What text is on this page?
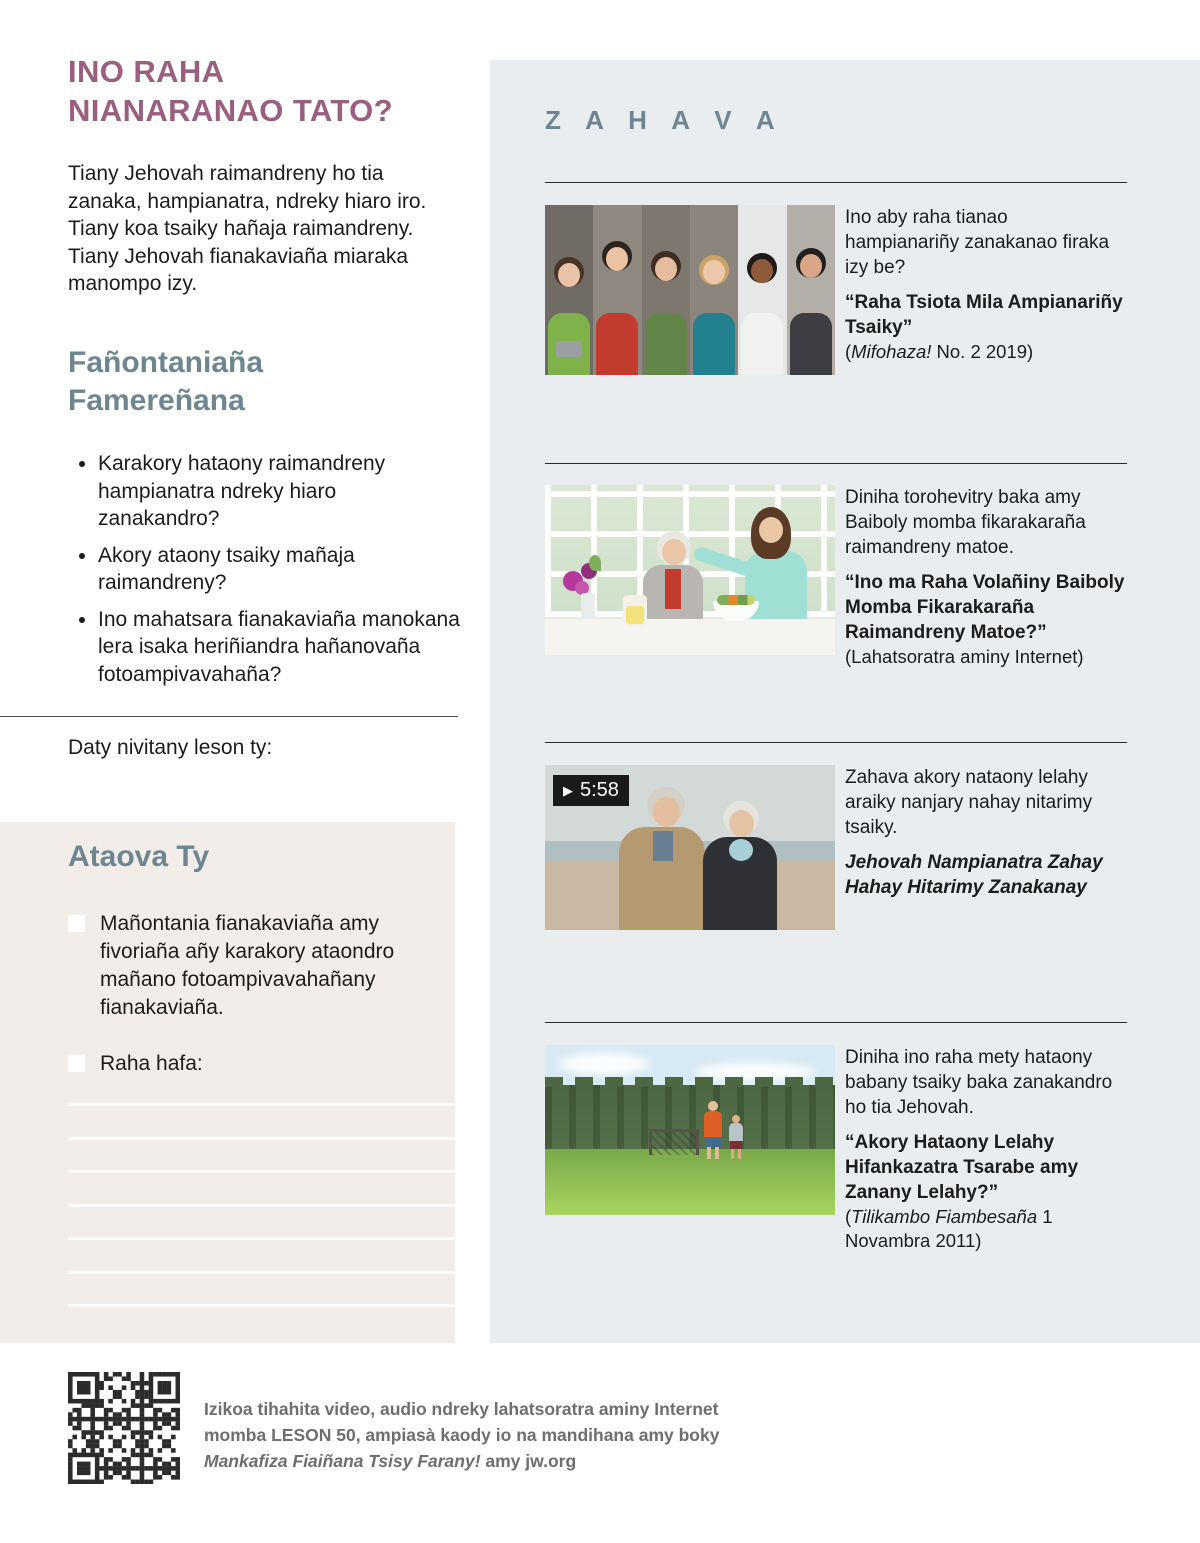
INO RAHA
NIANARANAO TATO?

Tiany Jehovah raimandreny ho tia zanaka, hampianatra, ndreky hiaro iro. Tiany koa tsaiky hañaja raimandreny. Tiany Jehovah fianakaviaña miaraka manompo izy.

Fañontaniaña
Famereñana
• Karakory hataony raimandreny hampianatra ndreky hiaro zanakandro?
• Akory ataony tsaiky mañaja raimandreny?
• Ino mahatsara fianakaviaña manokana lera isaka heriñiandra hañanovaña fotoampivavahaña?

Daty nivitany leson ty:

Ataova Ty
Mañontania fianakaviaña amy fivoriaña añy karakory ataondro mañano fotoampivavahañany fianakaviaña.
Raha hafa:
Z A H A V A

Ino aby raha tianao hampianariñy zanakanao firaka izy be?

“Raha Tsiota Mila Ampianariñy Tsaiky”

(Mifohaza! No. 2 2019)

Diniha torohevitry baka amy Baiboly momba fikarakaraña raimandreny matoe.

“Ino ma Raha Volañiny Baiboly Momba Fikarakaraña Raimandreny Matoe?”

(Lahatsoratra aminy Internet)

▶ 5:58

Zahava akory nataony lelahy araiky nanjary nahay nitarimy tsaiky.

Jehovah Nampianatra Zahay Hahay Hitarimy Zanakanay

Diniha ino raha mety hataony babany tsaiky baka zanakandro ho tia Jehovah.

“Akory Hataony Lelahy Hifankazatra Tsarabe amy Zanany Lelahy?”

(Tilikambo Fiambesaña 1 Novambra 2011)

Izikoa tihahita video, audio ndreky lahatsoratra aminy Internet momba LESON 50, ampiasà kaody io na mandihana amy boky Mankafiza Fiaiñana Tsisy Farany! amy jw.org
